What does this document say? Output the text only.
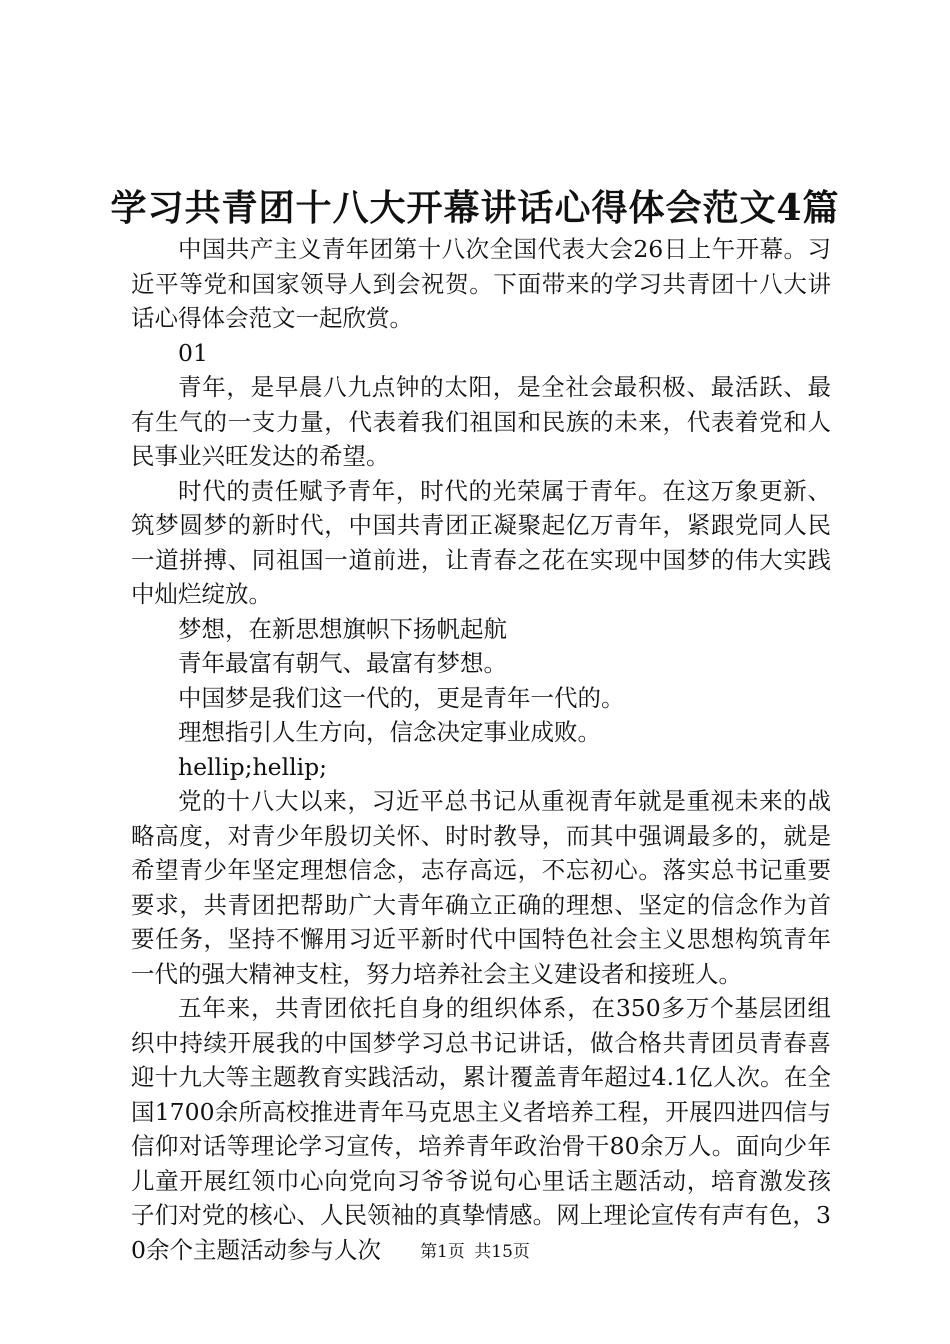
学习共青团十八大开幕讲话心得体会范文4篇

中国共产主义青年团第十八次全国代表大会26日上午开幕。习近平等党和国家领导人到会祝贺。下面带来的学习共青团十八大讲话心得体会范文一起欣赏。

01

青年，是早晨八九点钟的太阳，是全社会最积极、最活跃、最有生气的一支力量，代表着我们祖国和民族的未来，代表着党和人民事业兴旺发达的希望。

时代的责任赋予青年，时代的光荣属于青年。在这万象更新、筑梦圆梦的新时代，中国共青团正凝聚起亿万青年，紧跟党同人民一道拼搏、同祖国一道前进，让青春之花在实现中国梦的伟大实践中灿烂绽放。

梦想，在新思想旗帜下扬帆起航

青年最富有朝气、最富有梦想。

中国梦是我们这一代的，更是青年一代的。

理想指引人生方向，信念决定事业成败。

hellip;hellip;

党的十八大以来，习近平总书记从重视青年就是重视未来的战略高度，对青少年殷切关怀、时时教导，而其中强调最多的，就是希望青少年坚定理想信念，志存高远，不忘初心。落实总书记重要要求，共青团把帮助广大青年确立正确的理想、坚定的信念作为首要任务，坚持不懈用习近平新时代中国特色社会主义思想构筑青年一代的强大精神支柱，努力培养社会主义建设者和接班人。

五年来，共青团依托自身的组织体系，在350多万个基层团组织中持续开展我的中国梦学习总书记讲话，做合格共青团员青春喜迎十九大等主题教育实践活动，累计覆盖青年超过4.1亿人次。在全国1700余所高校推进青年马克思主义者培养工程，开展四进四信与信仰对话等理论学习宣传，培养青年政治骨干80余万人。面向少年儿童开展红领巾心向党向习爷爷说句心里话主题活动，培育激发孩子们对党的核心、人民领袖的真挚情感。网上理论宣传有声有色，30余个主题活动参与人次	第1页 共15页
